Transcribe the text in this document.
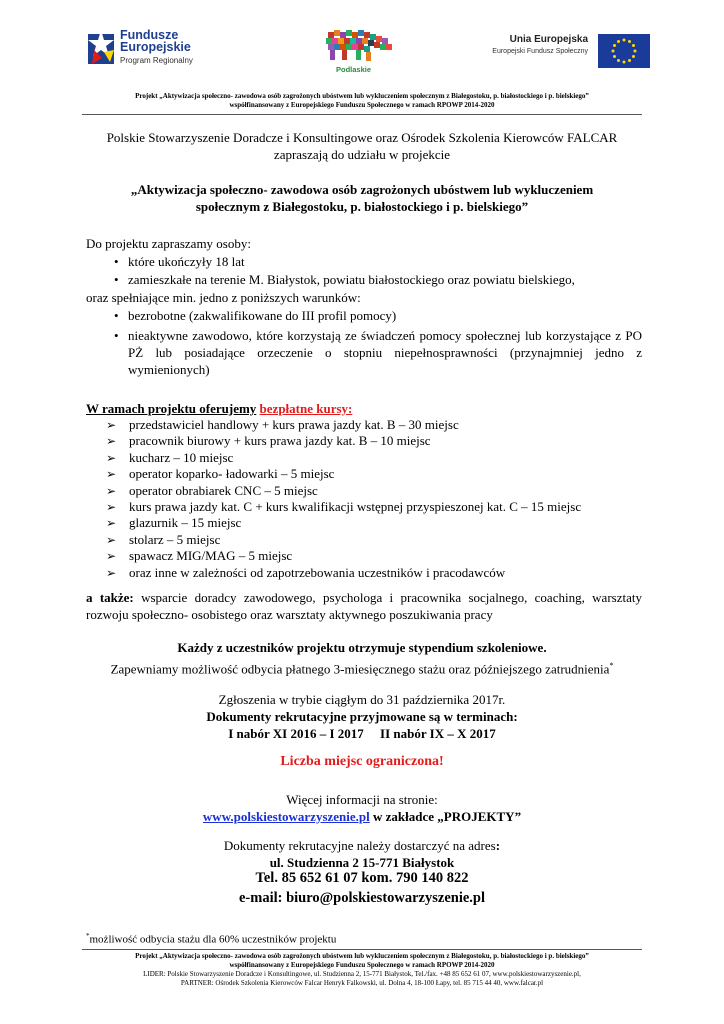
Fundusze
Europejskie
Program Regionalny
Podlaskie
Unia Europejska
Europejski Fundusz Społeczny
Projekt „Aktywizacja społeczno- zawodowa osób zagrożonych ubóstwem lub wykluczeniem społecznym z Białegostoku, p. białostockiego i p. bielskiego”
współfinansowany z Europejskiego Funduszu Społecznego w ramach RPOWP 2014-2020
Polskie Stowarzyszenie Doradcze i Konsultingowe oraz Ośrodek Szkolenia Kierowców FALCAR
zapraszają do udziału w projekcie
„Aktywizacja społeczno- zawodowa osób zagrożonych ubóstwem lub wykluczeniem
społecznym z Białegostoku, p. białostockiego i p. bielskiego”
Do projektu zapraszamy osoby:
• które ukończyły 18 lat
• zamieszkałe na terenie M. Białystok, powiatu białostockiego oraz powiatu bielskiego,
oraz spełniające min. jedno z poniższych warunków:
• bezrobotne (zakwalifikowane do III profil pomocy)
• nieaktywne zawodowo, które korzystają ze świadczeń pomocy społecznej lub korzystające z PO PŻ lub posiadające orzeczenie o stopniu niepełnosprawności (przynajmniej jedno z wymienionych)
W ramach projektu oferujemy bezpłatne kursy:
➢ przedstawiciel handlowy + kurs prawa jazdy kat. B – 30 miejsc
➢ pracownik biurowy + kurs prawa jazdy kat. B – 10 miejsc
➢ kucharz – 10 miejsc
➢ operator koparko- ładowarki – 5 miejsc
➢ operator obrabiarek CNC – 5 miejsc
➢ kurs prawa jazdy kat. C + kurs kwalifikacji wstępnej przyspieszonej kat. C – 15 miejsc
➢ glazurnik – 15 miejsc
➢ stolarz – 5 miejsc
➢ spawacz MIG/MAG – 5 miejsc
➢ oraz inne w zależności od zapotrzebowania uczestników i pracodawców
a także: wsparcie doradcy zawodowego, psychologa i pracownika socjalnego, coaching, warsztaty rozwoju społeczno- osobistego oraz warsztaty aktywnego poszukiwania pracy
Każdy z uczestników projektu otrzymuje stypendium szkoleniowe.
Zapewniamy możliwość odbycia płatnego 3-miesięcznego stażu oraz późniejszego zatrudnienia*
Zgłoszenia w trybie ciągłym do 31 października 2017r.
Dokumenty rekrutacyjne przyjmowane są w terminach:
I nabór XI 2016 – I 2017     II nabór IX – X 2017
Liczba miejsc ograniczona!
Więcej informacji na stronie:
www.polskiestowarzyszenie.pl w zakładce „PROJEKTY”
Dokumenty rekrutacyjne należy dostarczyć na adres:
ul. Studzienna 2 15-771 Białystok
Tel. 85 652 61 07 kom. 790 140 822
e-mail: biuro@polskiestowarzyszenie.pl
*możliwość odbycia stażu dla 60% uczestników projektu
Projekt „Aktywizacja społeczno- zawodowa osób zagrożonych ubóstwem lub wykluczeniem społecznym z Białegostoku, p. białostockiego i p. bielskiego”
współfinansowany z Europejskiego Funduszu Społecznego w ramach RPOWP 2014-2020
LIDER: Polskie Stowarzyszenie Doradcze i Konsultingowe, ul. Studzienna 2, 15-771 Białystok, Tel./fax. +48 85 652 61 07, www.polskiestowarzyszenie.pl,
PARTNER: Ośrodek Szkolenia Kierowców Falcar Henryk Falkowski, ul. Dolna 4, 18-100 Łapy, tel. 85 715 44 40, www.falcar.pl
